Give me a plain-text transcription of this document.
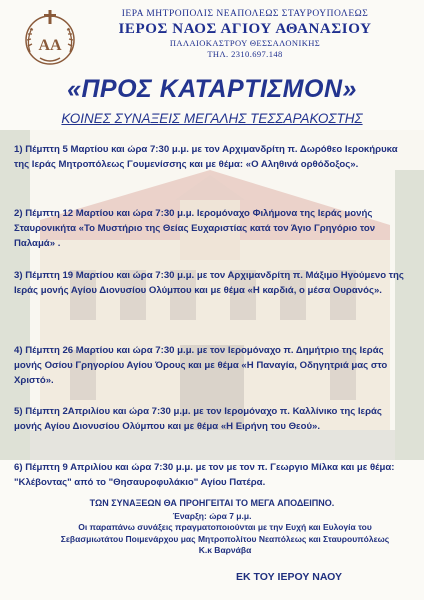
ΑΑ
ΙΕΡΑ ΜΗΤΡΟΠΟΛΙΣ ΝΕΑΠΟΛΕΩΣ ΣΤΑΥΡΟΥΠΟΛΕΩΣ
ΙΕΡΟΣ ΝΑΟΣ ΑΓΙΟΥ ΑΘΑΝΑΣΙΟΥ
ΠΑΛΑΙΟΚΑΣΤΡΟΥ ΘΕΣΣΑΛΟΝΙΚΗΣ
ΤΗΛ. 2310.697.148
«ΠΡΟΣ ΚΑΤΑΡΤΙΣΜΟΝ»
ΚΟΙΝΕΣ ΣΥΝΑΞΕΙΣ ΜΕΓΑΛΗΣ ΤΕΣΣΑΡΑΚΟΣΤΗΣ
1) Πέμπτη 5 Μαρτίου και ώρα 7:30 μ.μ. με τον Αρχιμανδρίτη π. Δωρόθεο Ιεροκήρυκα της Ιεράς Μητροπόλεως Γουμενίσσης και με θέμα: «Ο Αληθινά ορθόδοξος».
2) Πέμπτη 12 Μαρτίου και ώρα 7:30 μ.μ. Ιερομόναχο Φιλήμονα της Ιεράς μονής Σταυρονικήτα «Το Μυστήριο της Θείας Ευχαριστίας κατά τον Άγιο Γρηγόριο τον Παλαμά» .
3) Πέμπτη 19 Μαρτίου και ώρα 7:30 μ.μ. με τον Αρχιμανδρίτη π. Μάξιμο Ηγούμενο της Ιεράς μονής Αγίου Διονυσίου Ολύμπου και με θέμα «Η καρδιά, ο μέσα Ουρανός».
4) Πέμπτη 26 Μαρτίου και ώρα 7:30 μ.μ. με τον Ιερομόναχο π. Δημήτριο της Ιεράς μονής Οσίου Γρηγορίου Αγίου Όρους και με θέμα «Η Παναγία, Οδηγητριά μας στο Χριστό».
5) Πέμπτη 2Απριλίου και ώρα 7:30 μ.μ. με τον Ιερομόναχο π. Καλλίνικο της Ιεράς μονής Αγίου Διονυσίου Ολύμπου και με θέμα «Η Ειρήνη του Θεού».
6) Πέμπτη 9 Απριλίου και ώρα 7:30 μ.μ. με τον με τον π. Γεωργιο Μίλκα και με θέμα: "Κλέβοντας" από το "Θησαυροφυλάκιο" Αγίου Πατέρα.
ΤΩΝ ΣΥΝΑΞΕΩΝ ΘΑ ΠΡΟΗΓΕΙΤΑΙ ΤΟ ΜΕΓΑ ΑΠΟΔΕΙΠΝΟ.
Έναρξη: ώρα 7 μ.μ.
Οι παραπάνω συνάξεις πραγματοποιούνται με την Ευχή και Ευλογία του Σεβασμιωτάτου Ποιμενάρχου μας Μητροπολίτου Νεαπόλεως και Σταυρουπόλεως Κ.κ Βαρνάβα
ΕΚ ΤΟΥ ΙΕΡΟΥ ΝΑΟΥ
